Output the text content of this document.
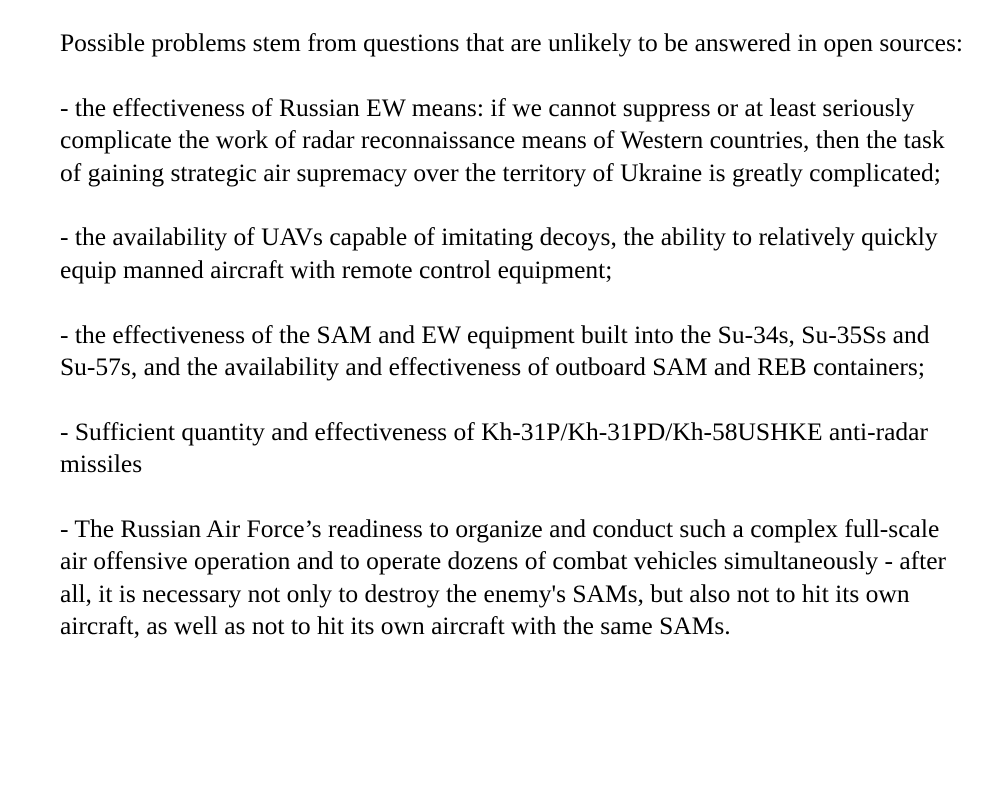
Possible problems stem from questions that are unlikely to be answered in open sources:

- the effectiveness of Russian EW means: if we cannot suppress or at least seriously complicate the work of radar reconnaissance means of Western countries, then the task of gaining strategic air supremacy over the territory of Ukraine is greatly complicated;

- the availability of UAVs capable of imitating decoys, the ability to relatively quickly equip manned aircraft with remote control equipment;

- the effectiveness of the SAM and EW equipment built into the Su-34s, Su-35Ss and Su-57s, and the availability and effectiveness of outboard SAM and REB containers;

- Sufficient quantity and effectiveness of Kh-31P/Kh-31PD/Kh-58USHKE anti-radar missiles

- The Russian Air Force’s readiness to organize and conduct such a complex full-scale air offensive operation and to operate dozens of combat vehicles simultaneously - after all, it is necessary not only to destroy the enemy's SAMs, but also not to hit its own aircraft, as well as not to hit its own aircraft with the same SAMs.
